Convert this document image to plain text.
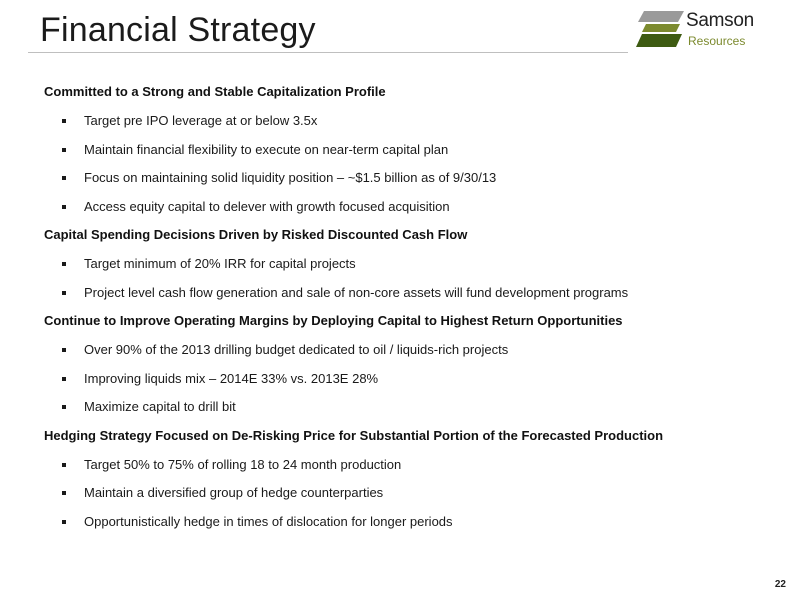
Financial Strategy	Samson
Resources
Committed to a Strong and Stable Capitalization Profile
Target pre IPO leverage at or below 3.5x
Maintain financial flexibility to execute on near-term capital plan
Focus on maintaining solid liquidity position – ~$1.5 billion as of 9/30/13
Access equity capital to delever with growth focused acquisition
Capital Spending Decisions Driven by Risked Discounted Cash Flow
Target minimum of 20% IRR for capital projects
Project level cash flow generation and sale of non-core assets will fund development programs
Continue to Improve Operating Margins by Deploying Capital to Highest Return Opportunities
Over 90% of the 2013 drilling budget dedicated to oil / liquids-rich projects
Improving liquids mix – 2014E 33% vs. 2013E 28%
Maximize capital to drill bit
Hedging Strategy Focused on De-Risking Price for Substantial Portion of the Forecasted Production
Target 50% to 75% of rolling 18 to 24 month production
Maintain a diversified group of hedge counterparties
Opportunistically hedge in times of dislocation for longer periods
22
